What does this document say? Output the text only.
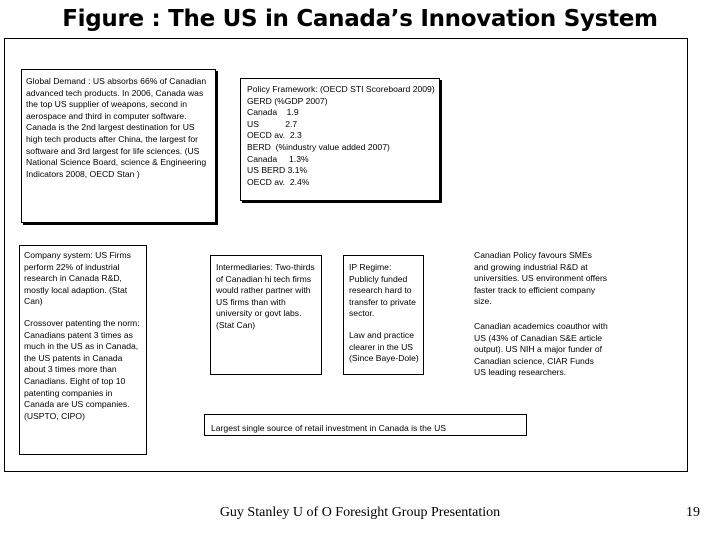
Figure : The US in Canada’s Innovation System
Global Demand : US absorbs 66% of Canadian advanced tech products. In 2006, Canada was the top US supplier of weapons, second in aerospace and third in computer software. Canada is the 2nd largest destination for US high tech products after China, the largest for software and 3rd largest for life sciences. (US National Science Board, science & Engineering Indicators 2008, OECD Stan )
Policy Framework: (OECD STI Scoreboard 2009)
GERD (%GDP 2007)
Canada    1.9
US           2.7
OECD av.  2.3
BERD  (%industry value added 2007)
Canada     1.3%
US BERD 3.1%
OECD av.  2.4%
Company system: US Firms perform 22% of industrial research in Canada R&D, mostly local adaption. (Stat Can)
Crossover patenting the norm: Canadians patent 3 times as much in the US as in Canada, the US patents in Canada about 3 times more than Canadians. Eight of top 10 patenting companies in Canada are US companies. (USPTO, CIPO)
Intermediaries: Two-thirds of Canadian hi tech firms would rather partner with US firms than with university or govt labs. (Stat Can)
IP Regime: Publicly funded research hard to transfer to private sector.
Law and practice clearer in the US (Since Baye-Dole)
Canadian Policy favours SMEs and growing industrial R&D at universities. US environment offers faster track to efficient company size.
Canadian academics coauthor with US (43% of Canadian S&E article output). US NIH a major funder of Canadian science, CIAR Funds US leading researchers.
Largest single source of retail investment in Canada is the US
Guy Stanley U of O Foresight Group Presentation	19
